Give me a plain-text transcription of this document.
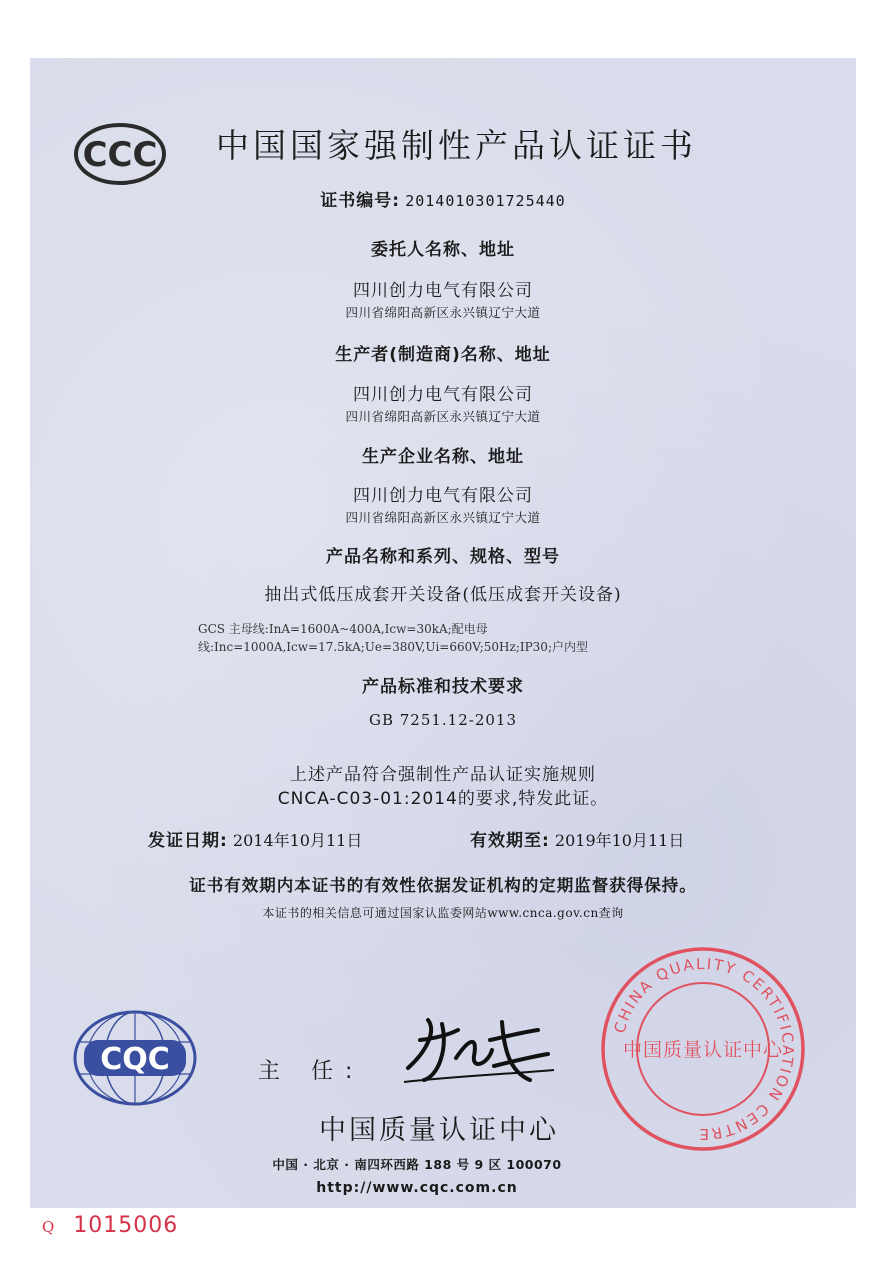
CCC 中国国家强制性产品认证证书
证书编号: 2014010301725440
委托人名称、地址
四川创力电气有限公司
四川省绵阳高新区永兴镇辽宁大道
生产者(制造商)名称、地址
四川创力电气有限公司
四川省绵阳高新区永兴镇辽宁大道
生产企业名称、地址
四川创力电气有限公司
四川省绵阳高新区永兴镇辽宁大道
产品名称和系列、规格、型号
抽出式低压成套开关设备(低压成套开关设备)
GCS 主母线:InA=1600A~400A,Icw=30kA;配电母
线:Inc=1000A,Icw=17.5kA;Ue=380V,Ui=660V;50Hz;IP30;户内型
产品标准和技术要求
GB 7251.12-2013
上述产品符合强制性产品认证实施规则
CNCA-C03-01:2014的要求,特发此证。
发证日期: 2014年10月11日	有效期至: 2019年10月11日
证书有效期内本证书的有效性依据发证机构的定期监督获得保持。
本证书的相关信息可通过国家认监委网站www.cnca.gov.cn查询
CQC	主 任:
中国质量认证中心
中国 · 北京 · 南四环西路 188 号 9 区 100070
http://www.cqc.com.cn
CHINA QUALITY CERTIFICATION CENTRE
中国质量认证中心
Q 1015006
